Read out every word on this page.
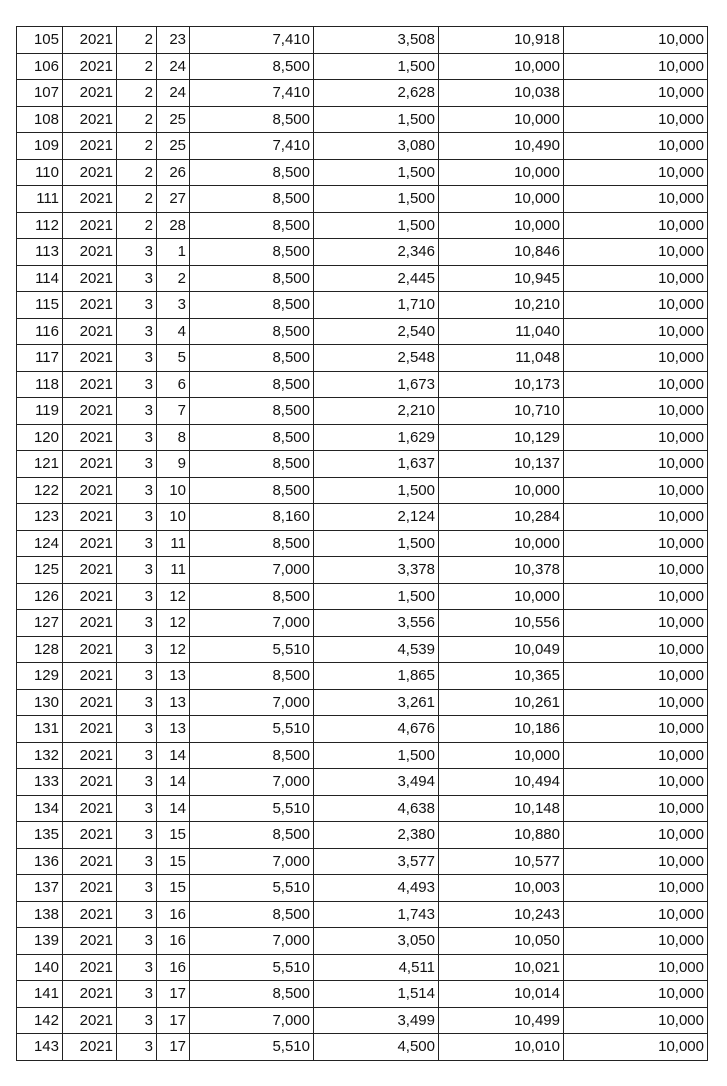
105	2021	2	23	7,410	3,508	10,918	10,000
106	2021	2	24	8,500	1,500	10,000	10,000
107	2021	2	24	7,410	2,628	10,038	10,000
108	2021	2	25	8,500	1,500	10,000	10,000
109	2021	2	25	7,410	3,080	10,490	10,000
110	2021	2	26	8,500	1,500	10,000	10,000
111	2021	2	27	8,500	1,500	10,000	10,000
112	2021	2	28	8,500	1,500	10,000	10,000
113	2021	3	1	8,500	2,346	10,846	10,000
114	2021	3	2	8,500	2,445	10,945	10,000
115	2021	3	3	8,500	1,710	10,210	10,000
116	2021	3	4	8,500	2,540	11,040	10,000
117	2021	3	5	8,500	2,548	11,048	10,000
118	2021	3	6	8,500	1,673	10,173	10,000
119	2021	3	7	8,500	2,210	10,710	10,000
120	2021	3	8	8,500	1,629	10,129	10,000
121	2021	3	9	8,500	1,637	10,137	10,000
122	2021	3	10	8,500	1,500	10,000	10,000
123	2021	3	10	8,160	2,124	10,284	10,000
124	2021	3	11	8,500	1,500	10,000	10,000
125	2021	3	11	7,000	3,378	10,378	10,000
126	2021	3	12	8,500	1,500	10,000	10,000
127	2021	3	12	7,000	3,556	10,556	10,000
128	2021	3	12	5,510	4,539	10,049	10,000
129	2021	3	13	8,500	1,865	10,365	10,000
130	2021	3	13	7,000	3,261	10,261	10,000
131	2021	3	13	5,510	4,676	10,186	10,000
132	2021	3	14	8,500	1,500	10,000	10,000
133	2021	3	14	7,000	3,494	10,494	10,000
134	2021	3	14	5,510	4,638	10,148	10,000
135	2021	3	15	8,500	2,380	10,880	10,000
136	2021	3	15	7,000	3,577	10,577	10,000
137	2021	3	15	5,510	4,493	10,003	10,000
138	2021	3	16	8,500	1,743	10,243	10,000
139	2021	3	16	7,000	3,050	10,050	10,000
140	2021	3	16	5,510	4,511	10,021	10,000
141	2021	3	17	8,500	1,514	10,014	10,000
142	2021	3	17	7,000	3,499	10,499	10,000
143	2021	3	17	5,510	4,500	10,010	10,000
